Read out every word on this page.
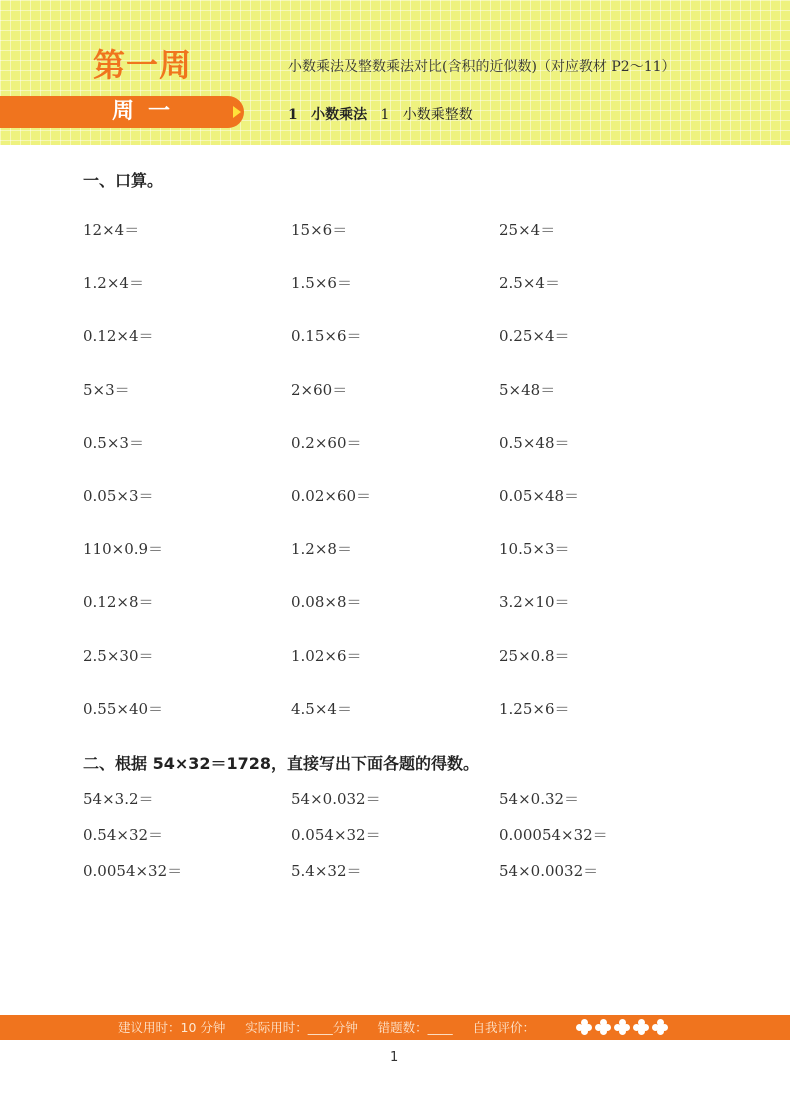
第一周	小数乘法及整数乘法对比(含积的近似数)（对应教材 P2～11）
周一	1 小数乘法 1 小数乘整数
一、口算。
12×4＝	15×6＝	25×4＝
1.2×4＝	1.5×6＝	2.5×4＝
0.12×4＝	0.15×6＝	0.25×4＝
5×3＝	2×60＝	5×48＝
0.5×3＝	0.2×60＝	0.5×48＝
0.05×3＝	0.02×60＝	0.05×48＝
110×0.9＝	1.2×8＝	10.5×3＝
0.12×8＝	0.08×8＝	3.2×10＝
2.5×30＝	1.02×6＝	25×0.8＝
0.55×40＝	4.5×4＝	1.25×6＝
二、根据 54×32＝1728，直接写出下面各题的得数。
54×3.2＝	54×0.032＝	54×0.32＝
0.54×32＝	0.054×32＝	0.00054×32＝
0.0054×32＝	5.4×32＝	54×0.0032＝
建议用时：10 分钟     实际用时：____分钟     错题数：____     自我评价：
1
